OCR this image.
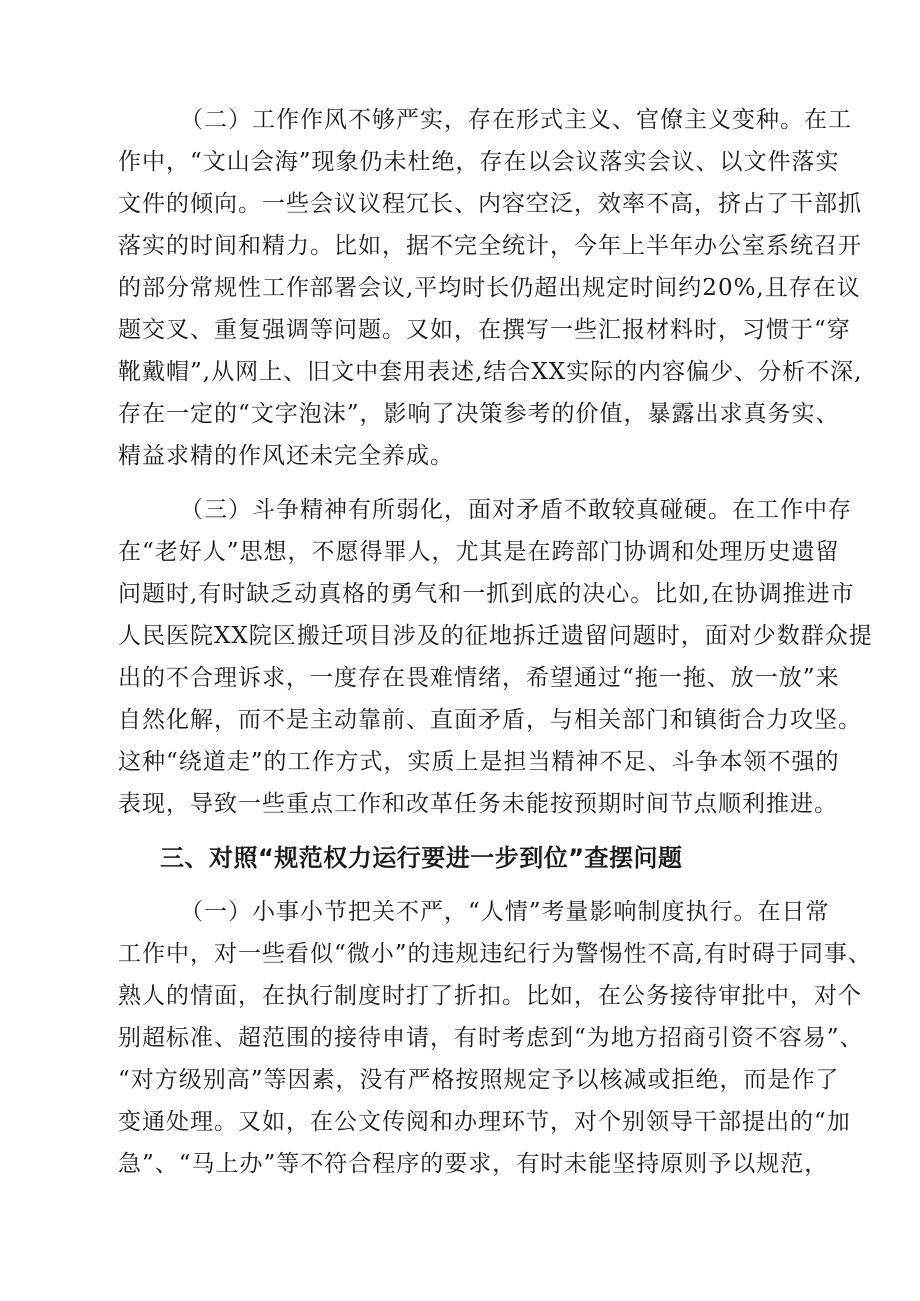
（二）工作作风不够严实，存在形式主义、官僚主义变种。在工
作中，“文山会海”现象仍未杜绝，存在以会议落实会议、以文件落实
文件的倾向。一些会议议程冗长、内容空泛，效率不高，挤占了干部抓
落实的时间和精力。比如，据不完全统计，今年上半年办公室系统召开
的部分常规性工作部署会议,平均时长仍超出规定时间约20%,且存在议
题交叉、重复强调等问题。又如，在撰写一些汇报材料时，习惯于“穿
靴戴帽”,从网上、旧文中套用表述,结合XX实际的内容偏少、分析不深,
存在一定的“文字泡沫”，影响了决策参考的价值，暴露出求真务实、
精益求精的作风还未完全养成。
（三）斗争精神有所弱化，面对矛盾不敢较真碰硬。在工作中存
在“老好人”思想，不愿得罪人，尤其是在跨部门协调和处理历史遗留
问题时,有时缺乏动真格的勇气和一抓到底的决心。比如,在协调推进市
人民医院XX院区搬迁项目涉及的征地拆迁遗留问题时，面对少数群众提
出的不合理诉求，一度存在畏难情绪，希望通过“拖一拖、放一放”来
自然化解，而不是主动靠前、直面矛盾，与相关部门和镇街合力攻坚。
这种“绕道走”的工作方式，实质上是担当精神不足、斗争本领不强的
表现，导致一些重点工作和改革任务未能按预期时间节点顺利推进。
三、对照“规范权力运行要进一步到位”查摆问题
（一）小事小节把关不严，“人情”考量影响制度执行。在日常
工作中，对一些看似“微小”的违规违纪行为警惕性不高,有时碍于同事、
熟人的情面，在执行制度时打了折扣。比如，在公务接待审批中，对个
别超标准、超范围的接待申请，有时考虑到“为地方招商引资不容易”、
“对方级别高”等因素，没有严格按照规定予以核减或拒绝，而是作了
变通处理。又如，在公文传阅和办理环节，对个别领导干部提出的“加
急”、“马上办”等不符合程序的要求，有时未能坚持原则予以规范，
